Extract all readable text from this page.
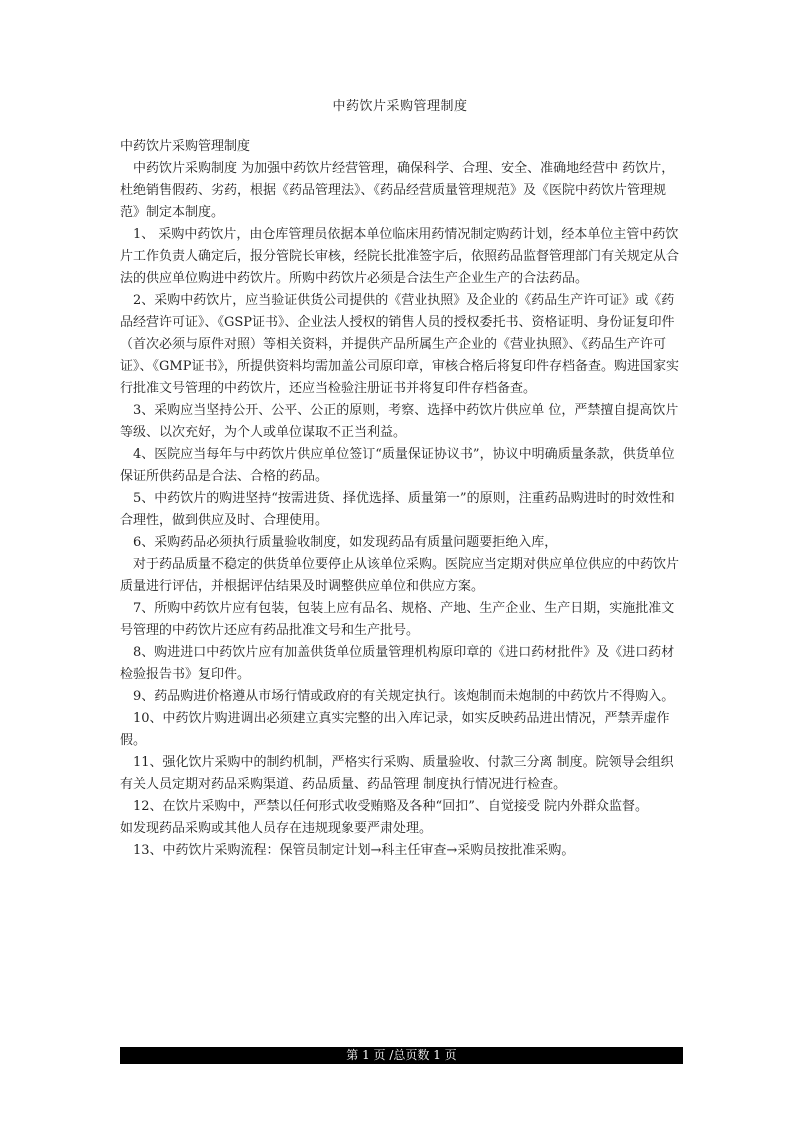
中药饮片采购管理制度

中药饮片采购管理制度

中药饮片采购制度 为加强中药饮片经营管理，确保科学、合理、安全、准确地经营中 药饮片，杜绝销售假药、劣药，根据《药品管理法》、《药品经营质量管理规范》及《医院中药饮片管理规范》制定本制度。

1、 采购中药饮片，由仓库管理员依据本单位临床用药情况制定购药计划，经本单位主管中药饮片工作负责人确定后，报分管院长审核，经院长批准签字后，依照药品监督管理部门有关规定从合法的供应单位购进中药饮片。所购中药饮片必须是合法生产企业生产的合法药品。

2、采购中药饮片，应当验证供货公司提供的《营业执照》及企业的《药品生产许可证》或《药品经营许可证》、《GSP证书》、企业法人授权的销售人员的授权委托书、资格证明、身份证复印件（首次必须与原件对照）等相关资料，并提供产品所属生产企业的《营业执照》、《药品生产许可证》、《GMP证书》，所提供资料均需加盖公司原印章，审核合格后将复印件存档备查。购进国家实行批准文号管理的中药饮片，还应当检验注册证书并将复印件存档备查。

3、采购应当坚持公开、公平、公正的原则，考察、选择中药饮片供应单 位，严禁擅自提高饮片等级、以次充好，为个人或单位谋取不正当利益。

4、医院应当每年与中药饮片供应单位签订“质量保证协议书”，协议中明确质量条款，供货单位保证所供药品是合法、合格的药品。

5、中药饮片的购进坚持“按需进货、择优选择、质量第一”的原则，注重药品购进时的时效性和合理性，做到供应及时、合理使用。

6、采购药品必须执行质量验收制度，如发现药品有质量问题要拒绝入库，

对于药品质量不稳定的供货单位要停止从该单位采购。医院应当定期对供应单位供应的中药饮片质量进行评估，并根据评估结果及时调整供应单位和供应方案。

7、所购中药饮片应有包装，包装上应有品名、规格、产地、生产企业、生产日期，实施批准文号管理的中药饮片还应有药品批准文号和生产批号。

8、购进进口中药饮片应有加盖供货单位质量管理机构原印章的《进口药材批件》及《进口药材检验报告书》复印件。

9、药品购进价格遵从市场行情或政府的有关规定执行。该炮制而未炮制的中药饮片不得购入。

10、中药饮片购进调出必须建立真实完整的出入库记录，如实反映药品进出情况，严禁弄虚作假。

11、强化饮片采购中的制约机制，严格实行采购、质量验收、付款三分离 制度。院领导会组织有关人员定期对药品采购渠道、药品质量、药品管理 制度执行情况进行检查。

12、在饮片采购中，严禁以任何形式收受贿赂及各种“回扣”、自觉接受 院内外群众监督。

如发现药品采购或其他人员存在违规现象要严肃处理。

13、中药饮片采购流程：保管员制定计划→科主任审查→采购员按批准采购。

第 1 页 /总页数 1 页
